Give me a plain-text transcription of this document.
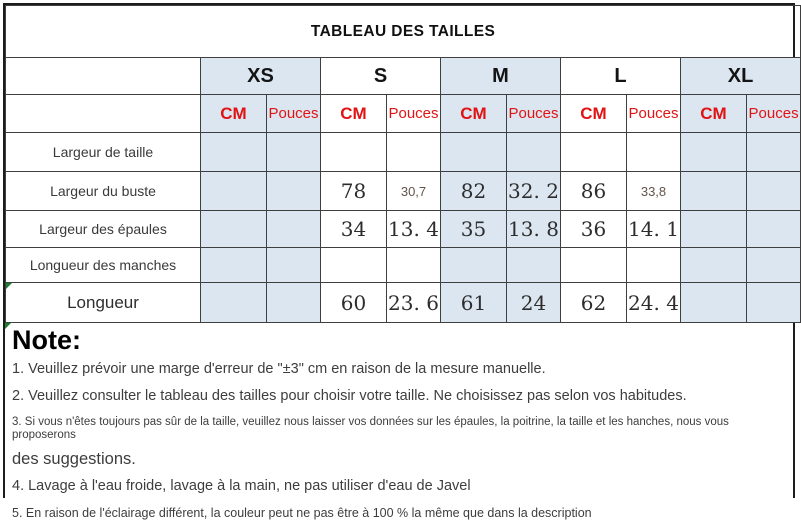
TABLEAU DES TAILLES										
	XS		S		M		L		XL	
	CM	Pouces	CM	Pouces	CM	Pouces	CM	Pouces	CM	Pouces
Largeur de taille										
Largeur du buste			78	30,7	82	32. 2	86	33,8		
Largeur des épaules			34	13. 4	35	13. 8	36	14. 1		
Longueur des manches										
Longueur			60	23. 6	61	24	62	24. 4		
Note:
1. Veuillez prévoir une marge d'erreur de "±3" cm en raison de la mesure manuelle.
2. Veuillez consulter le tableau des tailles pour choisir votre taille. Ne choisissez pas selon vos habitudes.
3. Si vous n'êtes toujours pas sûr de la taille, veuillez nous laisser vos données sur les épaules, la poitrine, la taille et les hanches, nous vous proposerons
des suggestions.
4. Lavage à l'eau froide, lavage à la main, ne pas utiliser d'eau de Javel
5. En raison de l'éclairage différent, la couleur peut ne pas être à 100 % la même que dans la description
